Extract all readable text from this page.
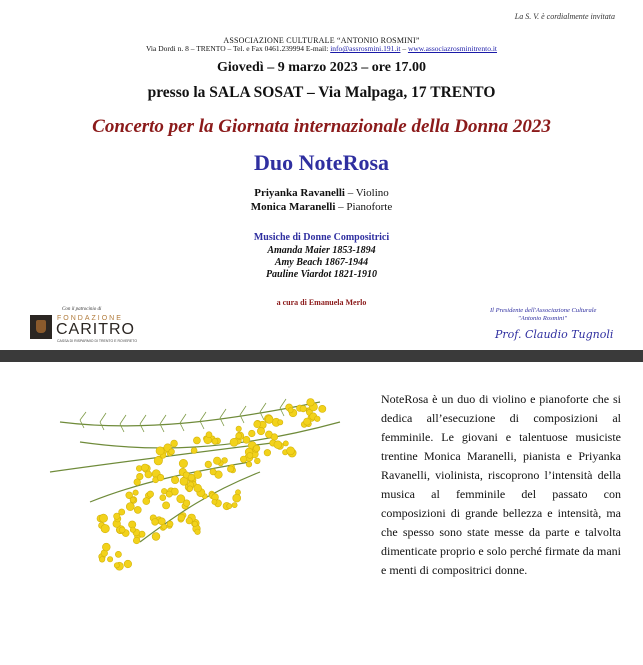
La S. V. è cordialmente invitata
ASSOCIAZIONE CULTURALE “ANTONIO ROSMINI”
Via Dordi n. 8 – TRENTO – Tel. e Fax 0461.239994 E-mail: info@assrosmini.191.it – www.associazrosminitrento.it
Giovedì – 9 marzo 2023 – ore 17.00
presso la SALA SOSAT – Via Malpaga, 17 TRENTO
Concerto per la Giornata internazionale della Donna 2023
Duo NoteRosa
Priyanka Ravanelli – Violino
Monica Maranelli – Pianoforte
Musiche di Donne Compositrici
Amanda Maier 1853-1894
Amy Beach 1867-1944
Pauline Viardot 1821-1910
a cura di Emanuela Merlo
Con il patrocinio di
FONDAZIONE
CARITRO
CASSA DI RISPARMIO DI TRENTO E ROVERETO
Il Presidente dell'Associazione Culturale
"Antonio Rosmini"
Prof. Claudio Tugnoli
NoteRosa è un duo di violino e pianoforte che si dedica all’esecuzione di composizioni al femminile. Le giovani e talentuose musiciste trentine Monica Maranelli, pianista e Priyanka Ravanelli, violinista, riscoprono l’intensità della musica al femminile del passato con composizioni di grande bellezza e intensità, ma che spesso sono state messe da parte e talvolta dimenticate proprio e solo perché firmate da mani e menti di compositrici donne.
